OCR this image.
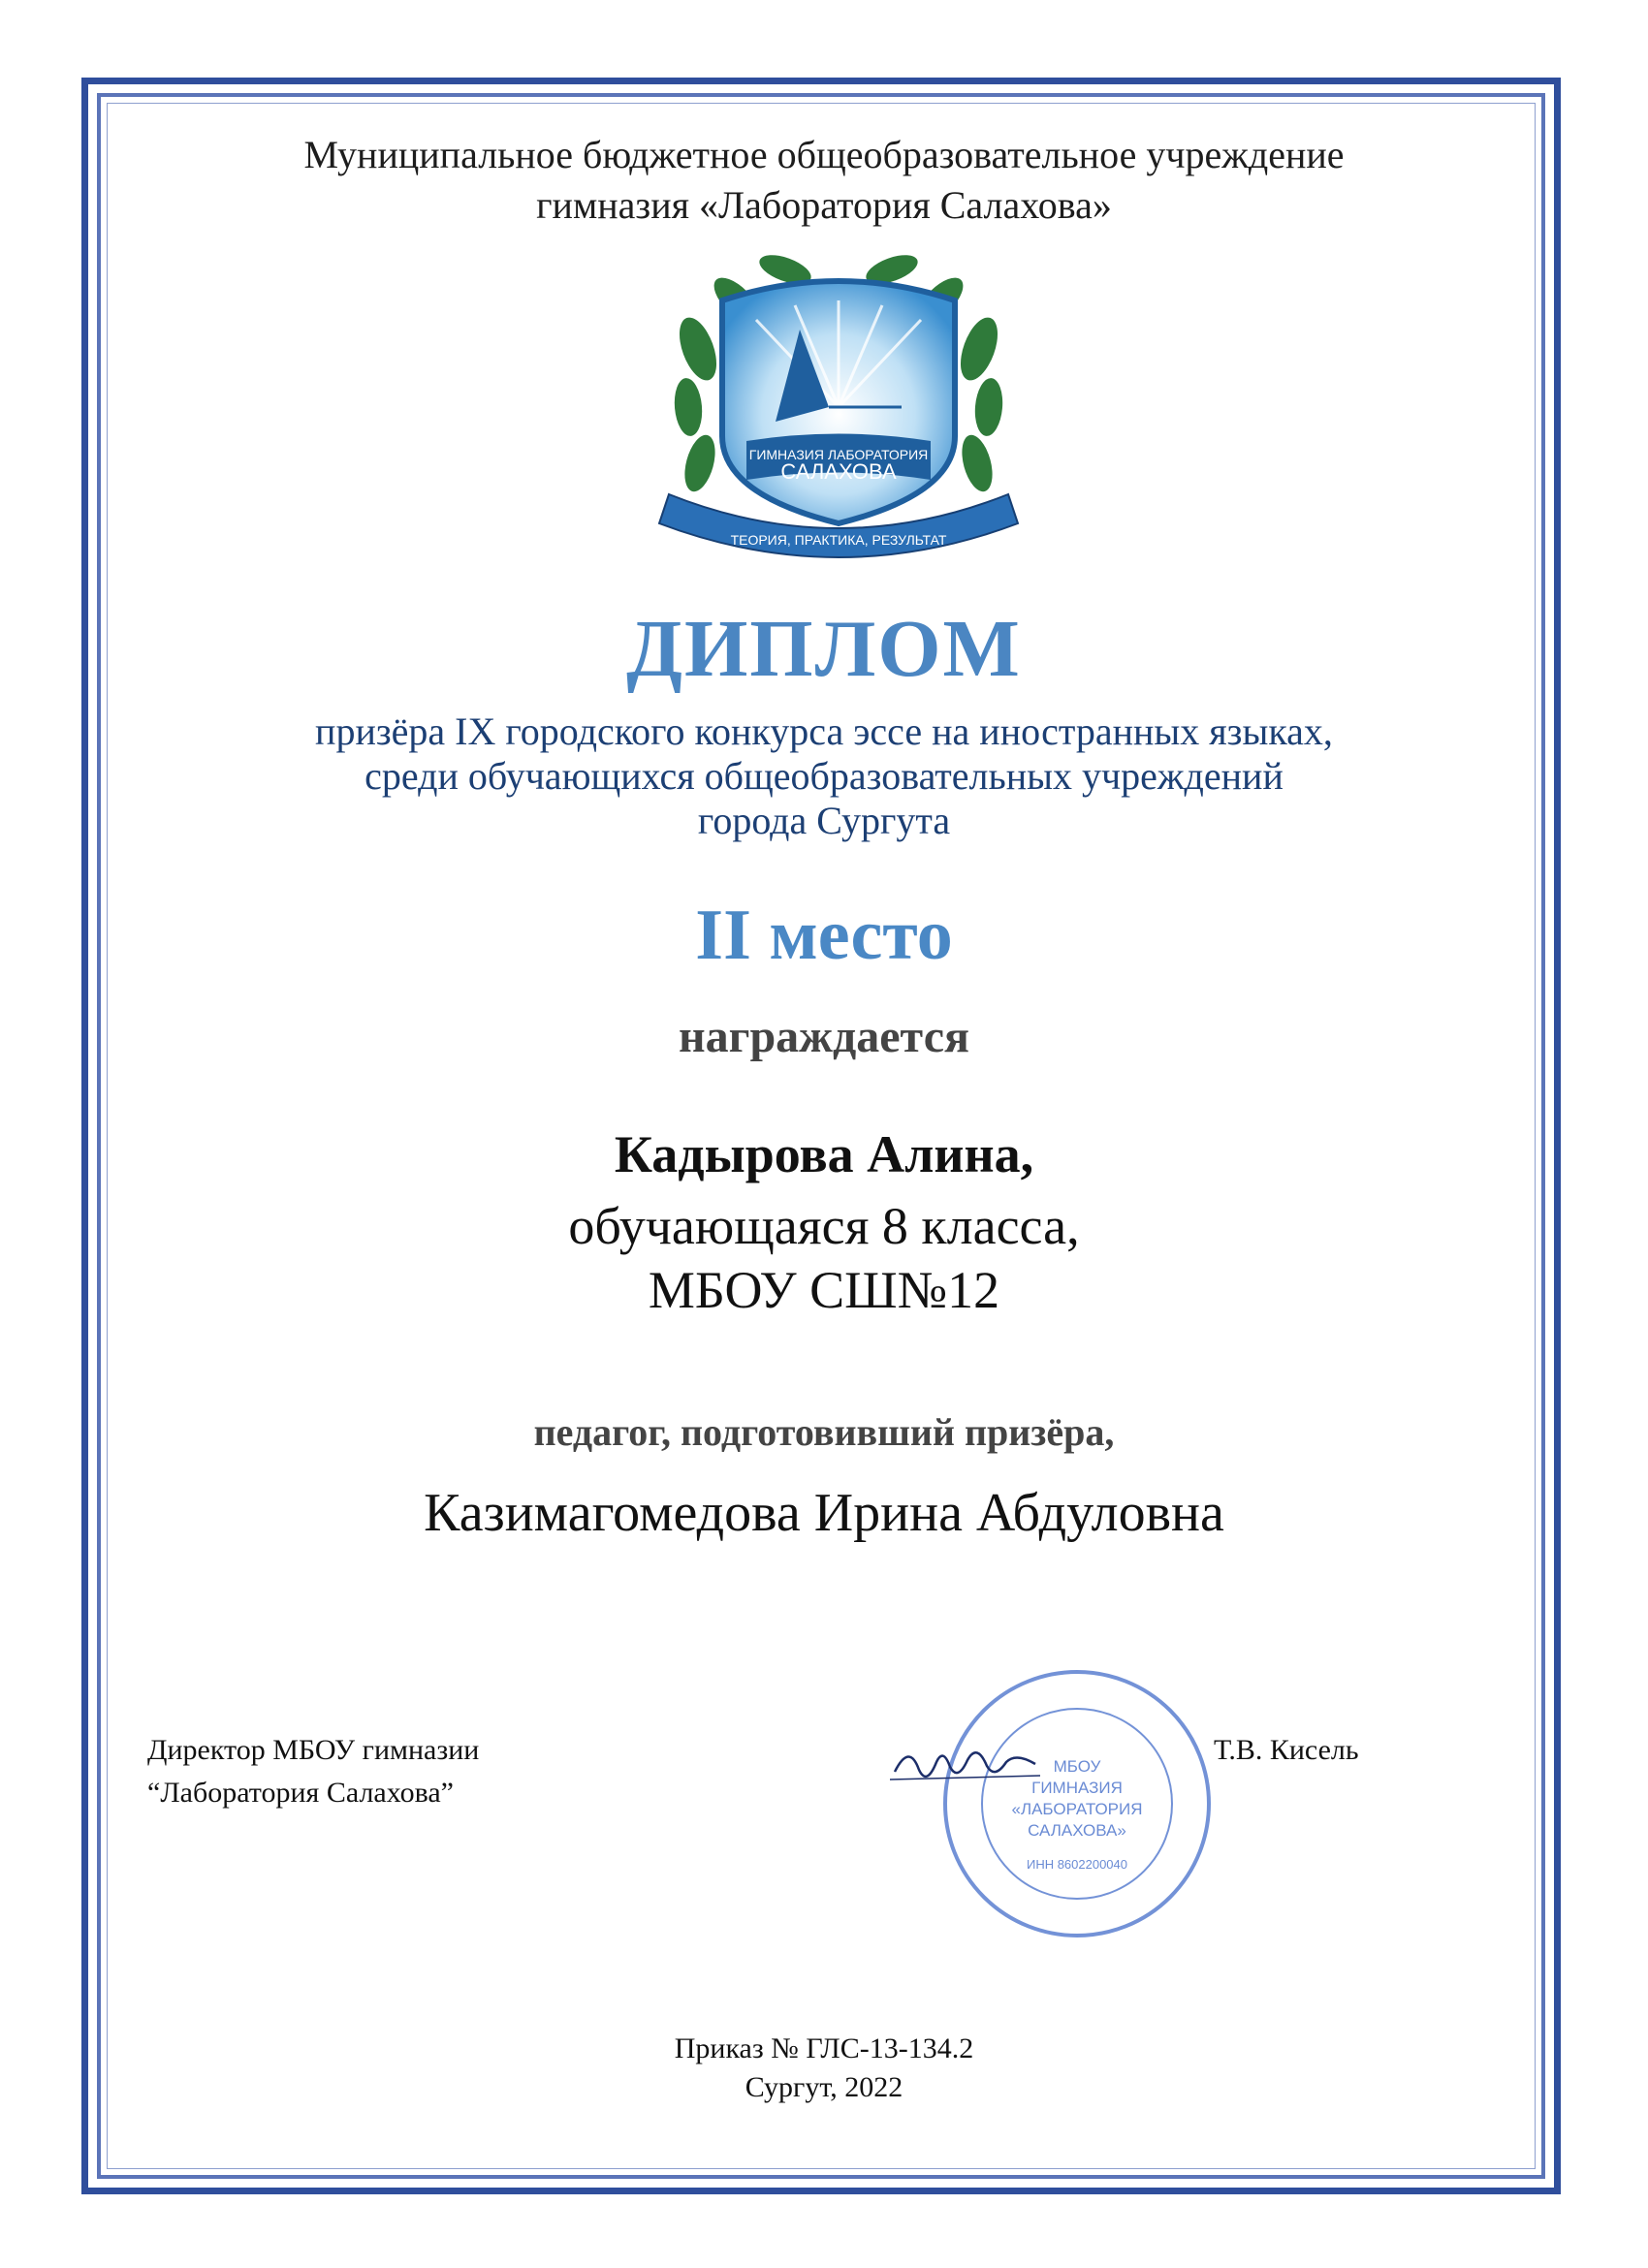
Муниципальное бюджетное общеобразовательное учреждение
гимназия «Лаборатория Салахова»
ГИМНАЗИЯ ЛАБОРАТОРИЯ
САЛАХОВА
ТЕОРИЯ, ПРАКТИКА, РЕЗУЛЬТАТ
ДИПЛОМ
призёра IX городского конкурса эссе на иностранных языках,
среди обучающихся общеобразовательных учреждений
города Сургута
II место
награждается
Кадырова Алина,
обучающаяся 8 класса,
МБОУ СШ№12
педагог, подготовивший призёра,
Казимагомедова Ирина Абдуловна
Директор МБОУ гимназии
“Лаборатория Салахова”
МБОУ
ГИМНАЗИЯ
«ЛАБОРАТОРИЯ
САЛАХОВА»
ИНН 8602200040
Т.В. Кисель
Приказ № ГЛС-13-134.2
Сургут, 2022
